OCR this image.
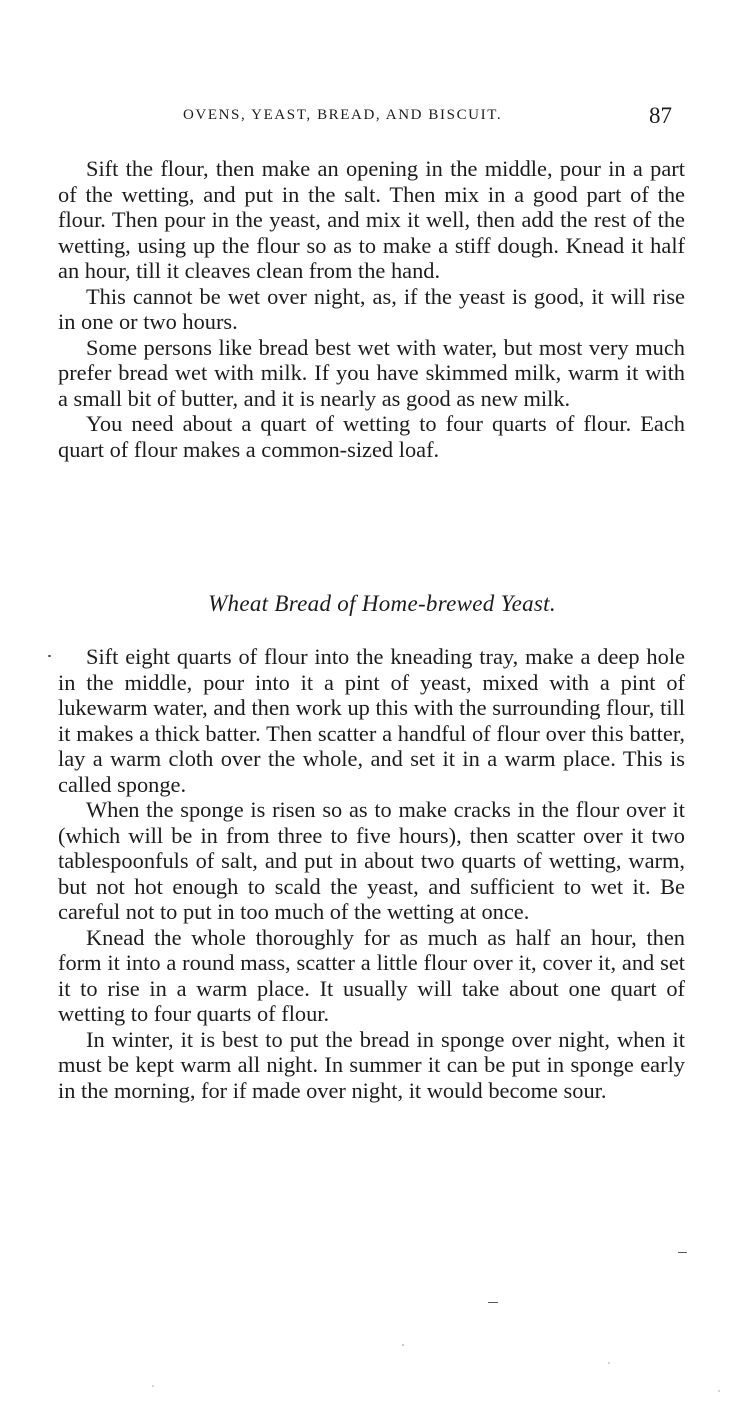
OVENS, YEAST, BREAD, AND BISCUIT.	87

Sift the flour, then make an opening in the middle, pour in a part of the wetting, and put in the salt. Then mix in a good part of the flour. Then pour in the yeast, and mix it well, then add the rest of the wetting, using up the flour so as to make a stiff dough. Knead it half an hour, till it cleaves clean from the hand.

This cannot be wet over night, as, if the yeast is good, it will rise in one or two hours.

Some persons like bread best wet with water, but most very much prefer bread wet with milk. If you have skimmed milk, warm it with a small bit of butter, and it is nearly as good as new milk.

You need about a quart of wetting to four quarts of flour. Each quart of flour makes a common-sized loaf.

Wheat Bread of Home-brewed Yeast.

Sift eight quarts of flour into the kneading tray, make a deep hole in the middle, pour into it a pint of yeast, mixed with a pint of lukewarm water, and then work up this with the surrounding flour, till it makes a thick batter. Then scatter a handful of flour over this batter, lay a warm cloth over the whole, and set it in a warm place. This is called sponge.

When the sponge is risen so as to make cracks in the flour over it (which will be in from three to five hours), then scatter over it two tablespoonfuls of salt, and put in about two quarts of wetting, warm, but not hot enough to scald the yeast, and sufficient to wet it. Be careful not to put in too much of the wetting at once.

Knead the whole thoroughly for as much as half an hour, then form it into a round mass, scatter a little flour over it, cover it, and set it to rise in a warm place. It usually will take about one quart of wetting to four quarts of flour.

In winter, it is best to put the bread in sponge over night, when it must be kept warm all night. In summer it can be put in sponge early in the morning, for if made over night, it would become sour.
